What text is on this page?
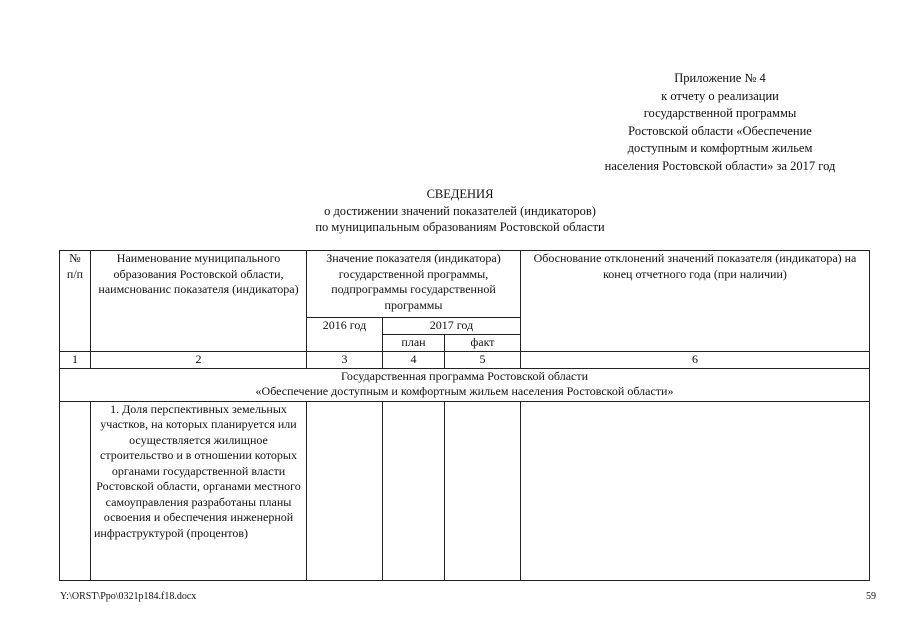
Приложение № 4
к отчету о реализации
государственной программы
Ростовской области «Обеспечение
доступным и комфортным жильем
населения Ростовской области» за 2017 год
СВЕДЕНИЯ
о достижении значений показателей (индикаторов)
по муниципальным образованиям Ростовской области
№ п/п	Наименование муниципального образования Ростовской области, наимснованис показателя (индикатора)	Значение показателя (индикатора) государственной программы, подпрограммы государственной программы			Обоснование отклонений значений показателя (индикатора) на конец отчетного года (при наличии)
		2016 год	2017 год		
			план	факт	
1	2	3	4	5	6

Государственная программа Ростовской области
«Обеспечение доступным и комфортным жильем населения Ростовской области»					

	1. Доля перспективных земельных участков, на которых планируется или осуществляется жилищное строительство и в отношении которых органами государственной власти Ростовской области, органами местного самоуправления разработаны планы освоения и обеспечения инженерной инфраструктурой (процентов)				
Y:\ORST\Ppo\0321p184.f18.docx	59
